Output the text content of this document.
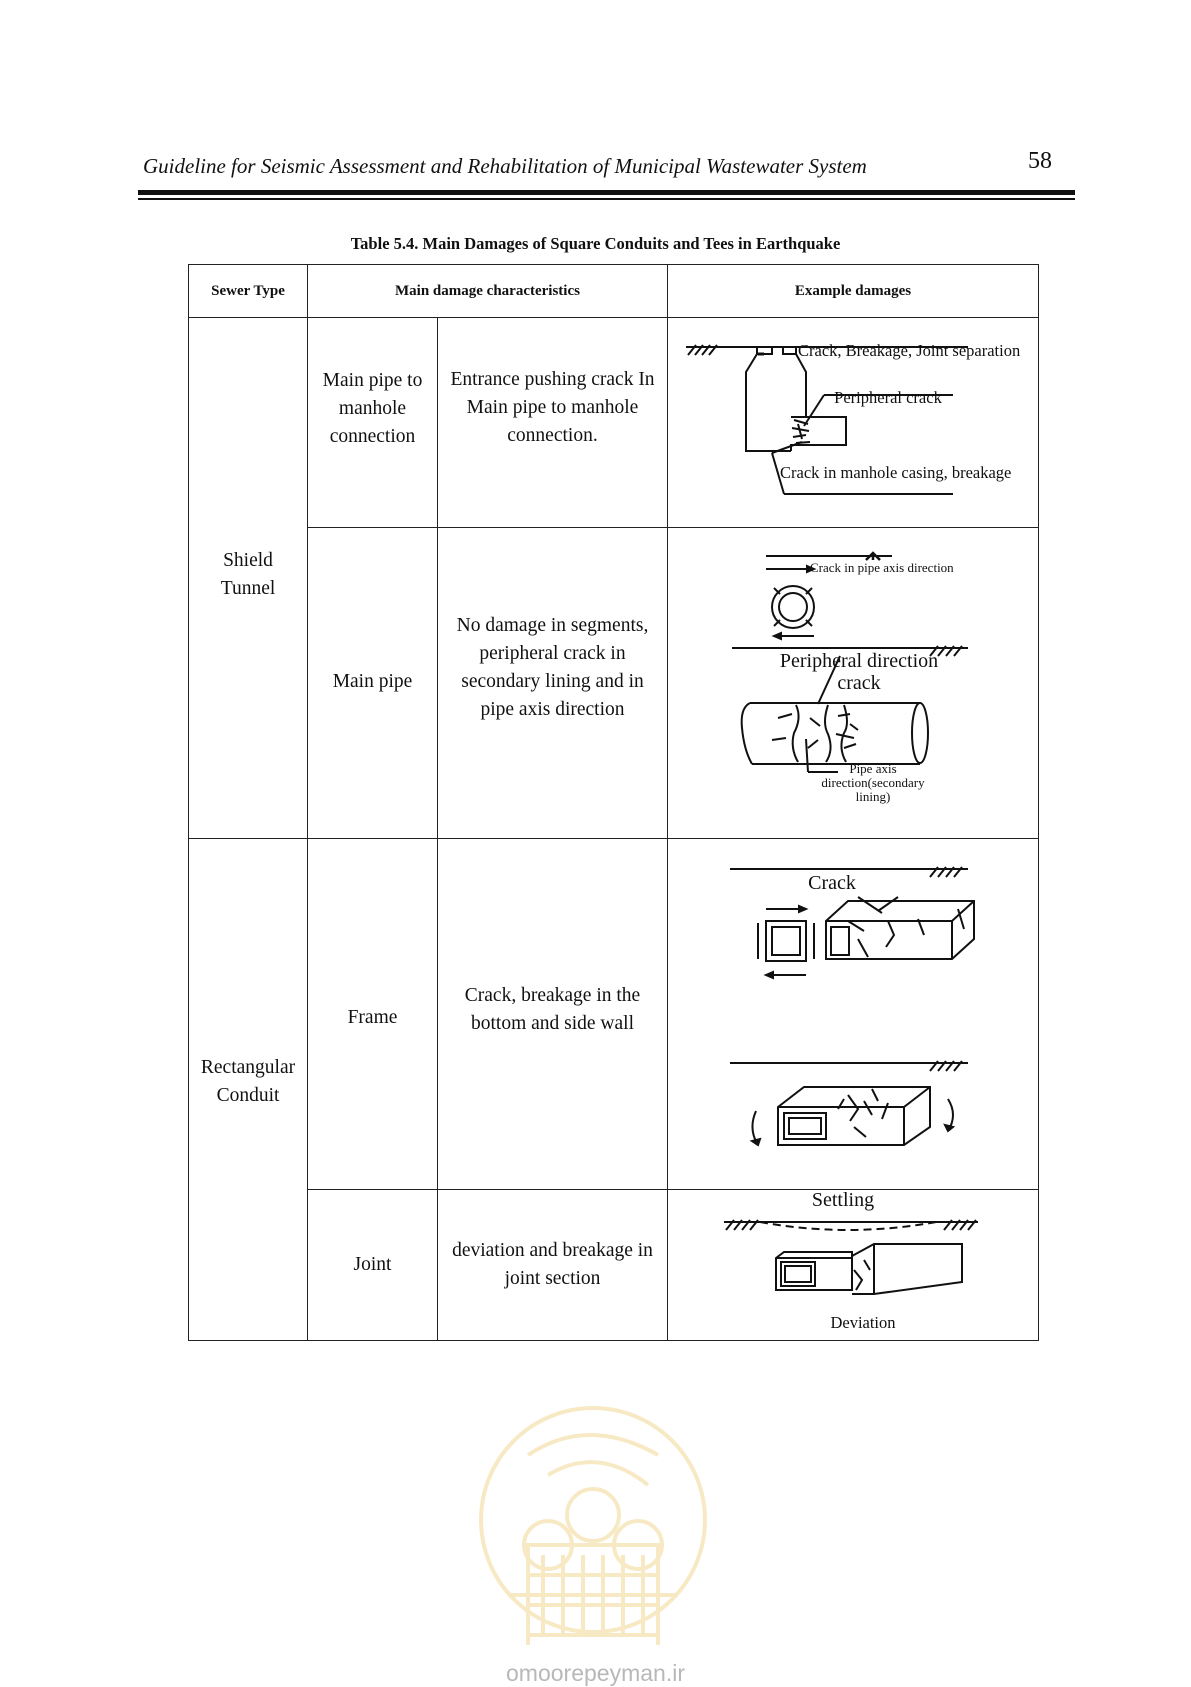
Guideline for Seismic Assessment and Rehabilitation of Municipal Wastewater System	58
Table 5.4. Main Damages of Square Conduits and Tees in Earthquake
Sewer Type	Main damage characteristics		Example damages

Shield Tunnel	Main pipe to manhole connection	Entrance pushing crack In Main pipe to manhole connection.	Crack, Breakage, Joint separation
Peripheral crack
Crack in manhole casing, breakage

	Main pipe	No damage in segments, peripheral crack in secondary lining and in pipe axis direction	Crack in pipe axis direction
Peripheral direction crack
Pipe axis direction(secondary lining)

Rectangular Conduit	Frame	Crack, breakage in the bottom and side wall	Crack

	Joint	deviation and breakage in joint section	Settling
Deviation
omoorepeyman.ir
